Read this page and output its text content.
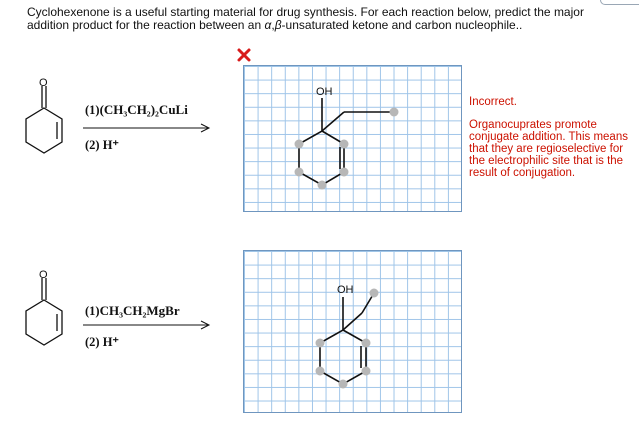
Cyclohexenone is a useful starting material for drug synthesis. For each reaction below, predict the major addition product for the reaction between an α,β-unsaturated ketone and carbon nucleophile..
O
(1)(CH₃CH₂)₂CuLi
(2) H⁺
OH
Incorrect.
Organocuprates promote conjugate addition. This means that they are regioselective for the electrophilic site that is the result of conjugation.
O
(1)CH₃CH₂MgBr
(2) H⁺
OH
